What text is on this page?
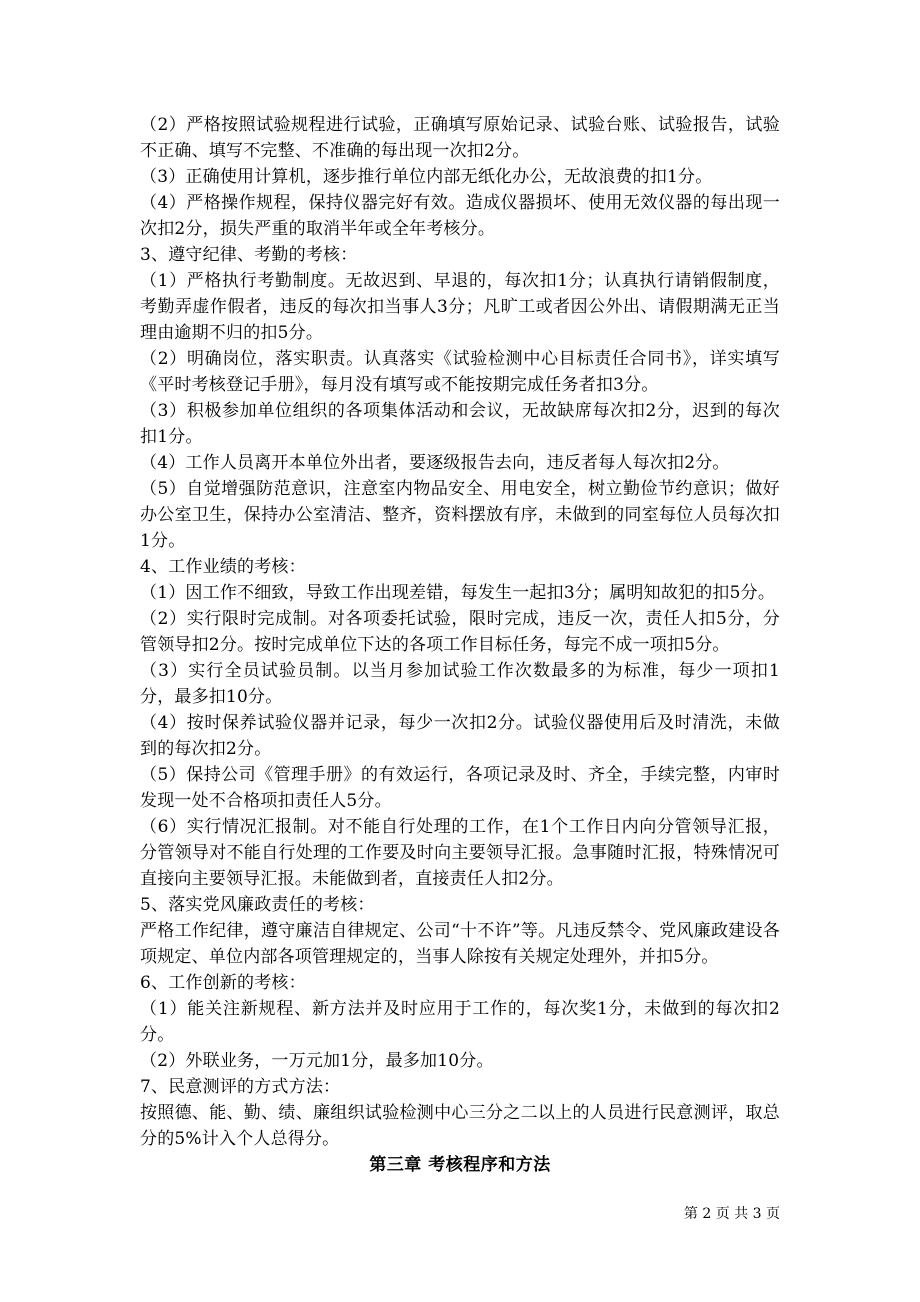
（2）严格按照试验规程进行试验，正确填写原始记录、试验台账、试验报告，试验不正确、填写不完整、不准确的每出现一次扣2分。

（3）正确使用计算机，逐步推行单位内部无纸化办公，无故浪费的扣1分。

（4）严格操作规程，保持仪器完好有效。造成仪器损坏、使用无效仪器的每出现一次扣2分，损失严重的取消半年或全年考核分。

3、遵守纪律、考勤的考核：

（1）严格执行考勤制度。无故迟到、早退的，每次扣1分；认真执行请销假制度，考勤弄虚作假者，违反的每次扣当事人3分；凡旷工或者因公外出、请假期满无正当理由逾期不归的扣5分。

（2）明确岗位，落实职责。认真落实《试验检测中心目标责任合同书》，详实填写《平时考核登记手册》，每月没有填写或不能按期完成任务者扣3分。

（3）积极参加单位组织的各项集体活动和会议，无故缺席每次扣2分，迟到的每次扣1分。

（4）工作人员离开本单位外出者，要逐级报告去向，违反者每人每次扣2分。

（5）自觉增强防范意识，注意室内物品安全、用电安全，树立勤俭节约意识；做好办公室卫生，保持办公室清洁、整齐，资料摆放有序，未做到的同室每位人员每次扣1分。

4、工作业绩的考核：

（1）因工作不细致，导致工作出现差错，每发生一起扣3分；属明知故犯的扣5分。

（2）实行限时完成制。对各项委托试验，限时完成，违反一次，责任人扣5分，分管领导扣2分。按时完成单位下达的各项工作目标任务，每完不成一项扣5分。

（3）实行全员试验员制。以当月参加试验工作次数最多的为标准，每少一项扣1分，最多扣10分。

（4）按时保养试验仪器并记录，每少一次扣2分。试验仪器使用后及时清洗，未做到的每次扣2分。

（5）保持公司《管理手册》的有效运行，各项记录及时、齐全，手续完整，内审时发现一处不合格项扣责任人5分。

（6）实行情况汇报制。对不能自行处理的工作，在1个工作日内向分管领导汇报，分管领导对不能自行处理的工作要及时向主要领导汇报。急事随时汇报，特殊情况可直接向主要领导汇报。未能做到者，直接责任人扣2分。

5、落实党风廉政责任的考核：

严格工作纪律，遵守廉洁自律规定、公司“十不许”等。凡违反禁令、党风廉政建设各项规定、单位内部各项管理规定的，当事人除按有关规定处理外，并扣5分。

6、工作创新的考核：

（1）能关注新规程、新方法并及时应用于工作的，每次奖1分，未做到的每次扣2分。

（2）外联业务，一万元加1分，最多加10分。

7、民意测评的方式方法：

按照德、能、勤、绩、廉组织试验检测中心三分之二以上的人员进行民意测评，取总分的5%计入个人总得分。

第三章 考核程序和方法

第 2 页 共 3 页
